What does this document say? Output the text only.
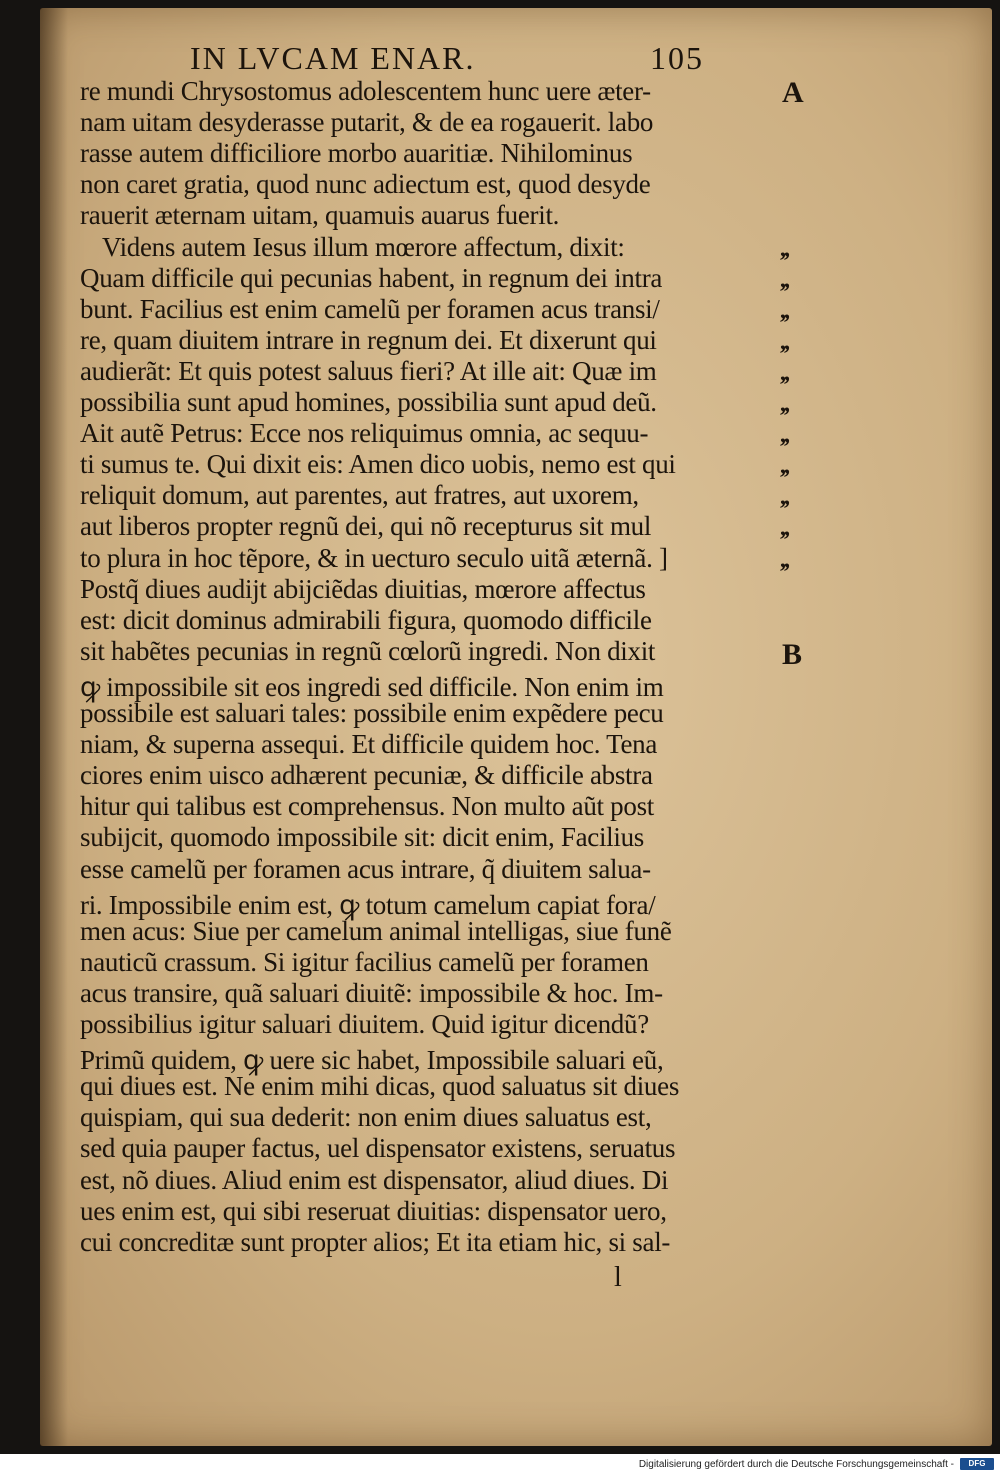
IN LVCAM ENAR.	105
re mundi Chrysostomus adolescentem hunc uere æter-
nam uitam desyderasse putarit, & de ea rogauerit. labo
rasse autem difficiliore morbo auaritiæ. Nihilominus
non caret gratia, quod nunc adiectum est, quod desyde
rauerit æternam uitam, quamuis auarus fuerit.
Videns autem Iesus illum mœrore affectum, dixit:
Quam difficile qui pecunias habent, in regnum dei intra
bunt. Facilius est enim camelũ per foramen acus transi/
re, quam diuitem intrare in regnum dei. Et dixerunt qui
audierãt: Et quis potest saluus fieri? At ille ait: Quæ im
possibilia sunt apud homines, possibilia sunt apud deũ.
Ait autẽ Petrus: Ecce nos reliquimus omnia, ac sequu-
ti sumus te. Qui dixit eis: Amen dico uobis, nemo est qui
reliquit domum, aut parentes, aut fratres, aut uxorem,
aut liberos propter regnũ dei, qui nõ recepturus sit mul
to plura in hoc tẽpore, & in uecturo seculo uitã æternã. ]
Postq̃ diues audijt abijciẽdas diuitias, mœrore affectus
est: dicit dominus admirabili figura, quomodo difficile
sit habẽtes pecunias in regnũ cœlorũ ingredi. Non dixit
ꝙ impossibile sit eos ingredi sed difficile. Non enim im
possibile est saluari tales: possibile enim expẽdere pecu
niam, & superna assequi. Et difficile quidem hoc. Tena
ciores enim uisco adhærent pecuniæ, & difficile abstra
hitur qui talibus est comprehensus. Non multo aũt post
subijcit, quomodo impossibile sit: dicit enim, Facilius
esse camelũ per foramen acus intrare, q̃ diuitem salua-
ri. Impossibile enim est, ꝙ totum camelum capiat fora/
men acus: Siue per camelum animal intelligas, siue funẽ
nauticũ crassum. Si igitur facilius camelũ per foramen
acus transire, quã saluari diuitẽ: impossibile & hoc. Im-
possibilius igitur saluari diuitem. Quid igitur dicendũ?
Primũ quidem, ꝙ uere sic habet, Impossibile saluari eũ,
qui diues est. Ne enim mihi dicas, quod saluatus sit diues
quispiam, qui sua dederit: non enim diues saluatus est,
sed quia pauper factus, uel dispensator existens, seruatus
est, nõ diues. Aliud enim est dispensator, aliud diues. Di
ues enim est, qui sibi reseruat diuitias: dispensator uero,
cui concreditæ sunt propter alios; Et ita etiam hic, si sal-
A
B
,,
,,
,,
,,
,,
,,
,,
,,
,,
,,
,,
l
Digitalisierung gefördert durch die Deutsche Forschungsgemeinschaft -	DFG
